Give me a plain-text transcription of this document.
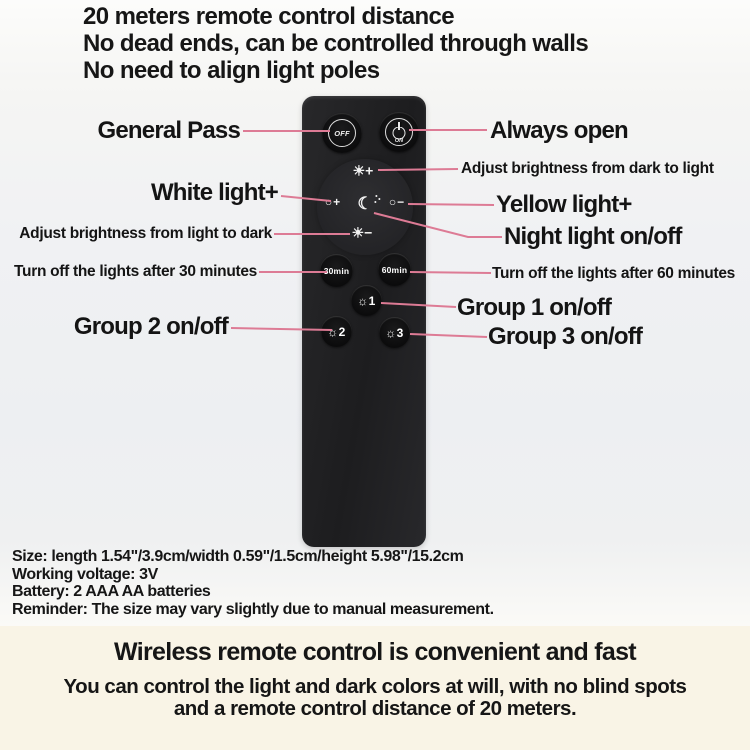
20 meters remote control distance
No dead ends, can be controlled through walls
No need to align light poles
OFF
ON
☀+
○+ ☾ ○−
☀−
30min	60min
☼1
☼2	☼3
General Pass
White light+
Adjust brightness from light to dark
Turn off the lights after 30 minutes
Group 2 on/off
Always open
Adjust brightness from dark to light
Yellow light+
Night light on/off
Turn off the lights after 60 minutes
Group 1 on/off
Group 3 on/off
Size: length 1.54"/3.9cm/width 0.59"/1.5cm/height 5.98"/15.2cm
Working voltage: 3V
Battery: 2 AAA AA batteries
Reminder: The size may vary slightly due to manual measurement.
Wireless remote control is convenient and fast
You can control the light and dark colors at will, with no blind spots
and a remote control distance of 20 meters.
